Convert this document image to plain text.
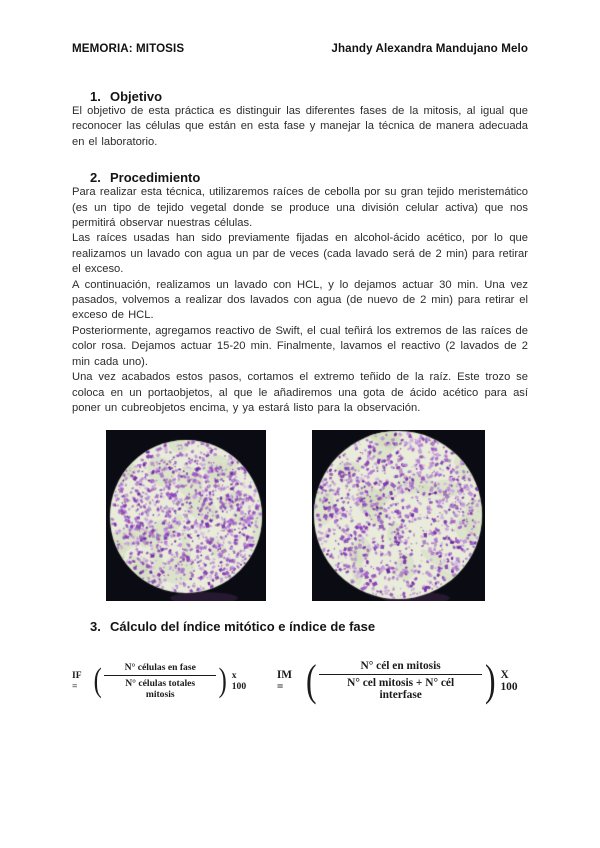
MEMORIA: MITOSIS	Jhandy Alexandra Mandujano Melo
1. Objetivo

El objetivo de esta práctica es distinguir las diferentes fases de la mitosis, al igual que reconocer las células que están en esta fase y manejar la técnica de manera adecuada en el laboratorio.

2. Procedimiento

Para realizar esta técnica, utilizaremos raíces de cebolla por su gran tejido meristemático (es un tipo de tejido vegetal donde se produce una división celular activa) que nos permitirá observar nuestras células.

Las raíces usadas han sido previamente fijadas en alcohol-ácido acético, por lo que realizamos un lavado con agua un par de veces (cada lavado será de 2 min) para retirar el exceso.

A continuación, realizamos un lavado con HCL, y lo dejamos actuar 30 min. Una vez pasados, volvemos a realizar dos lavados con agua (de nuevo de 2 min) para retirar el exceso de HCL.

Posteriormente, agregamos reactivo de Swift, el cual teñirá los extremos de las raíces de color rosa. Dejamos actuar 15-20 min. Finalmente, lavamos el reactivo (2 lavados de 2 min cada uno).

Una vez acabados estos pasos, cortamos el extremo teñido de la raíz. Este trozo se coloca en un portaobjetos, al que le añadiremos una gota de ácido acético para así poner un cubreobjetos encima, y ya estará listo para la observación.

3. Cálculo del índice mitótico e índice de fase
IF = ( $\frac{\text{N° células en fase}}{\text{N° células totales mitosis}}$ ) x 100
IM = ( $\frac{\text{N° cél en mitosis}}{\text{N° cel mitosis + N° cél interfase}}$ ) X 100
